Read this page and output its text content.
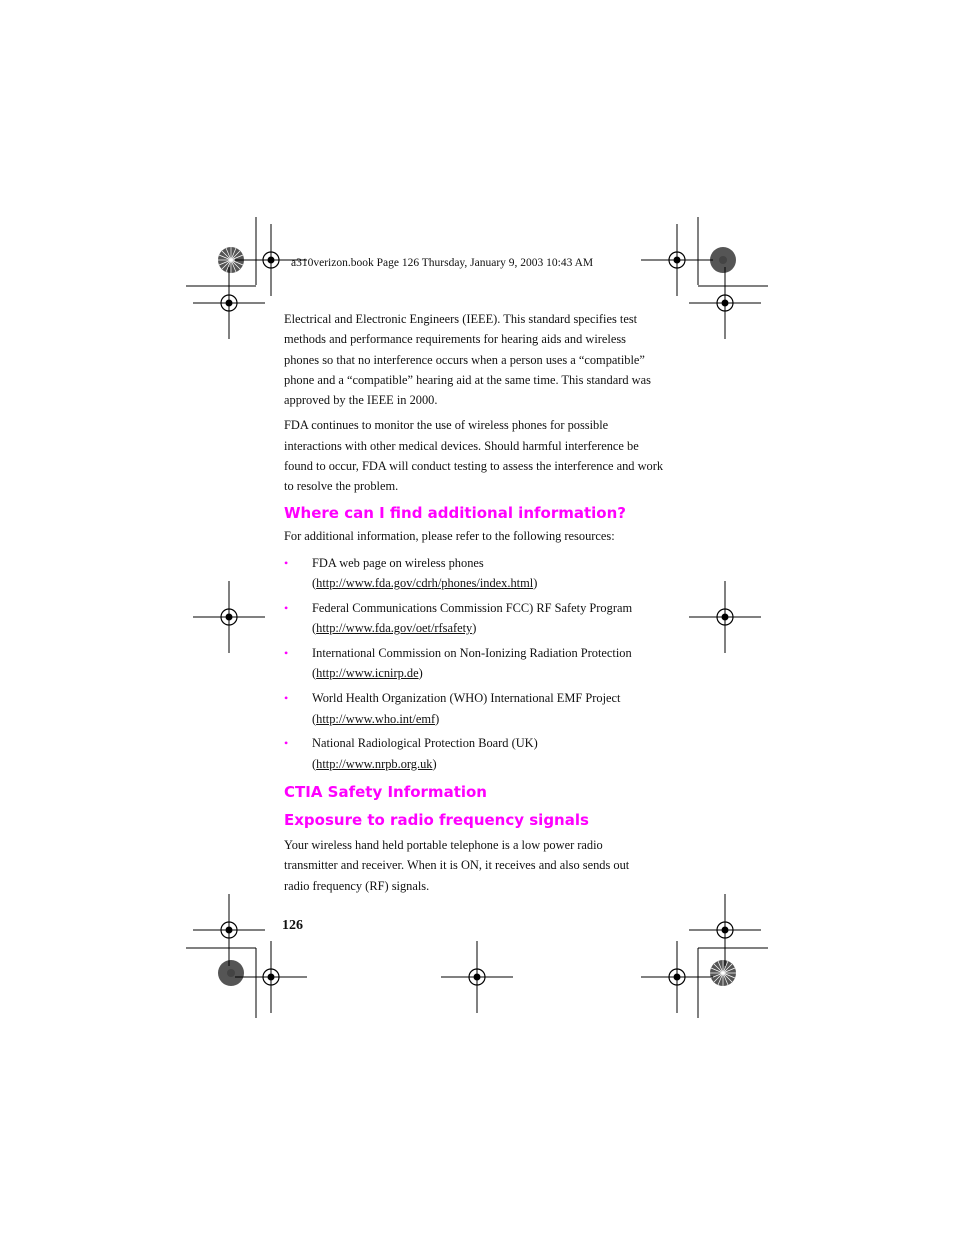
a310verizon.book Page 126 Thursday, January 9, 2003 10:43 AM

Electrical and Electronic Engineers (IEEE). This standard specifies test methods and performance requirements for hearing aids and wireless phones so that no interference occurs when a person uses a “compatible” phone and a “compatible” hearing aid at the same time. This standard was approved by the IEEE in 2000.

FDA continues to monitor the use of wireless phones for possible interactions with other medical devices. Should harmful interference be found to occur, FDA will conduct testing to assess the interference and work to resolve the problem.

Where can I find additional information?
For additional information, please refer to the following resources:
• FDA web page on wireless phones
(http://www.fda.gov/cdrh/phones/index.html)
• Federal Communications Commission FCC) RF Safety Program
(http://www.fda.gov/oet/rfsafety)
• International Commission on Non-Ionizing Radiation Protection
(http://www.icnirp.de)
• World Health Organization (WHO) International EMF Project
(http://www.who.int/emf)
• National Radiological Protection Board (UK)
(http://www.nrpb.org.uk)
CTIA Safety Information
Exposure to radio frequency signals

Your wireless hand held portable telephone is a low power radio transmitter and receiver. When it is ON, it receives and also sends out radio frequency (RF) signals.

126
